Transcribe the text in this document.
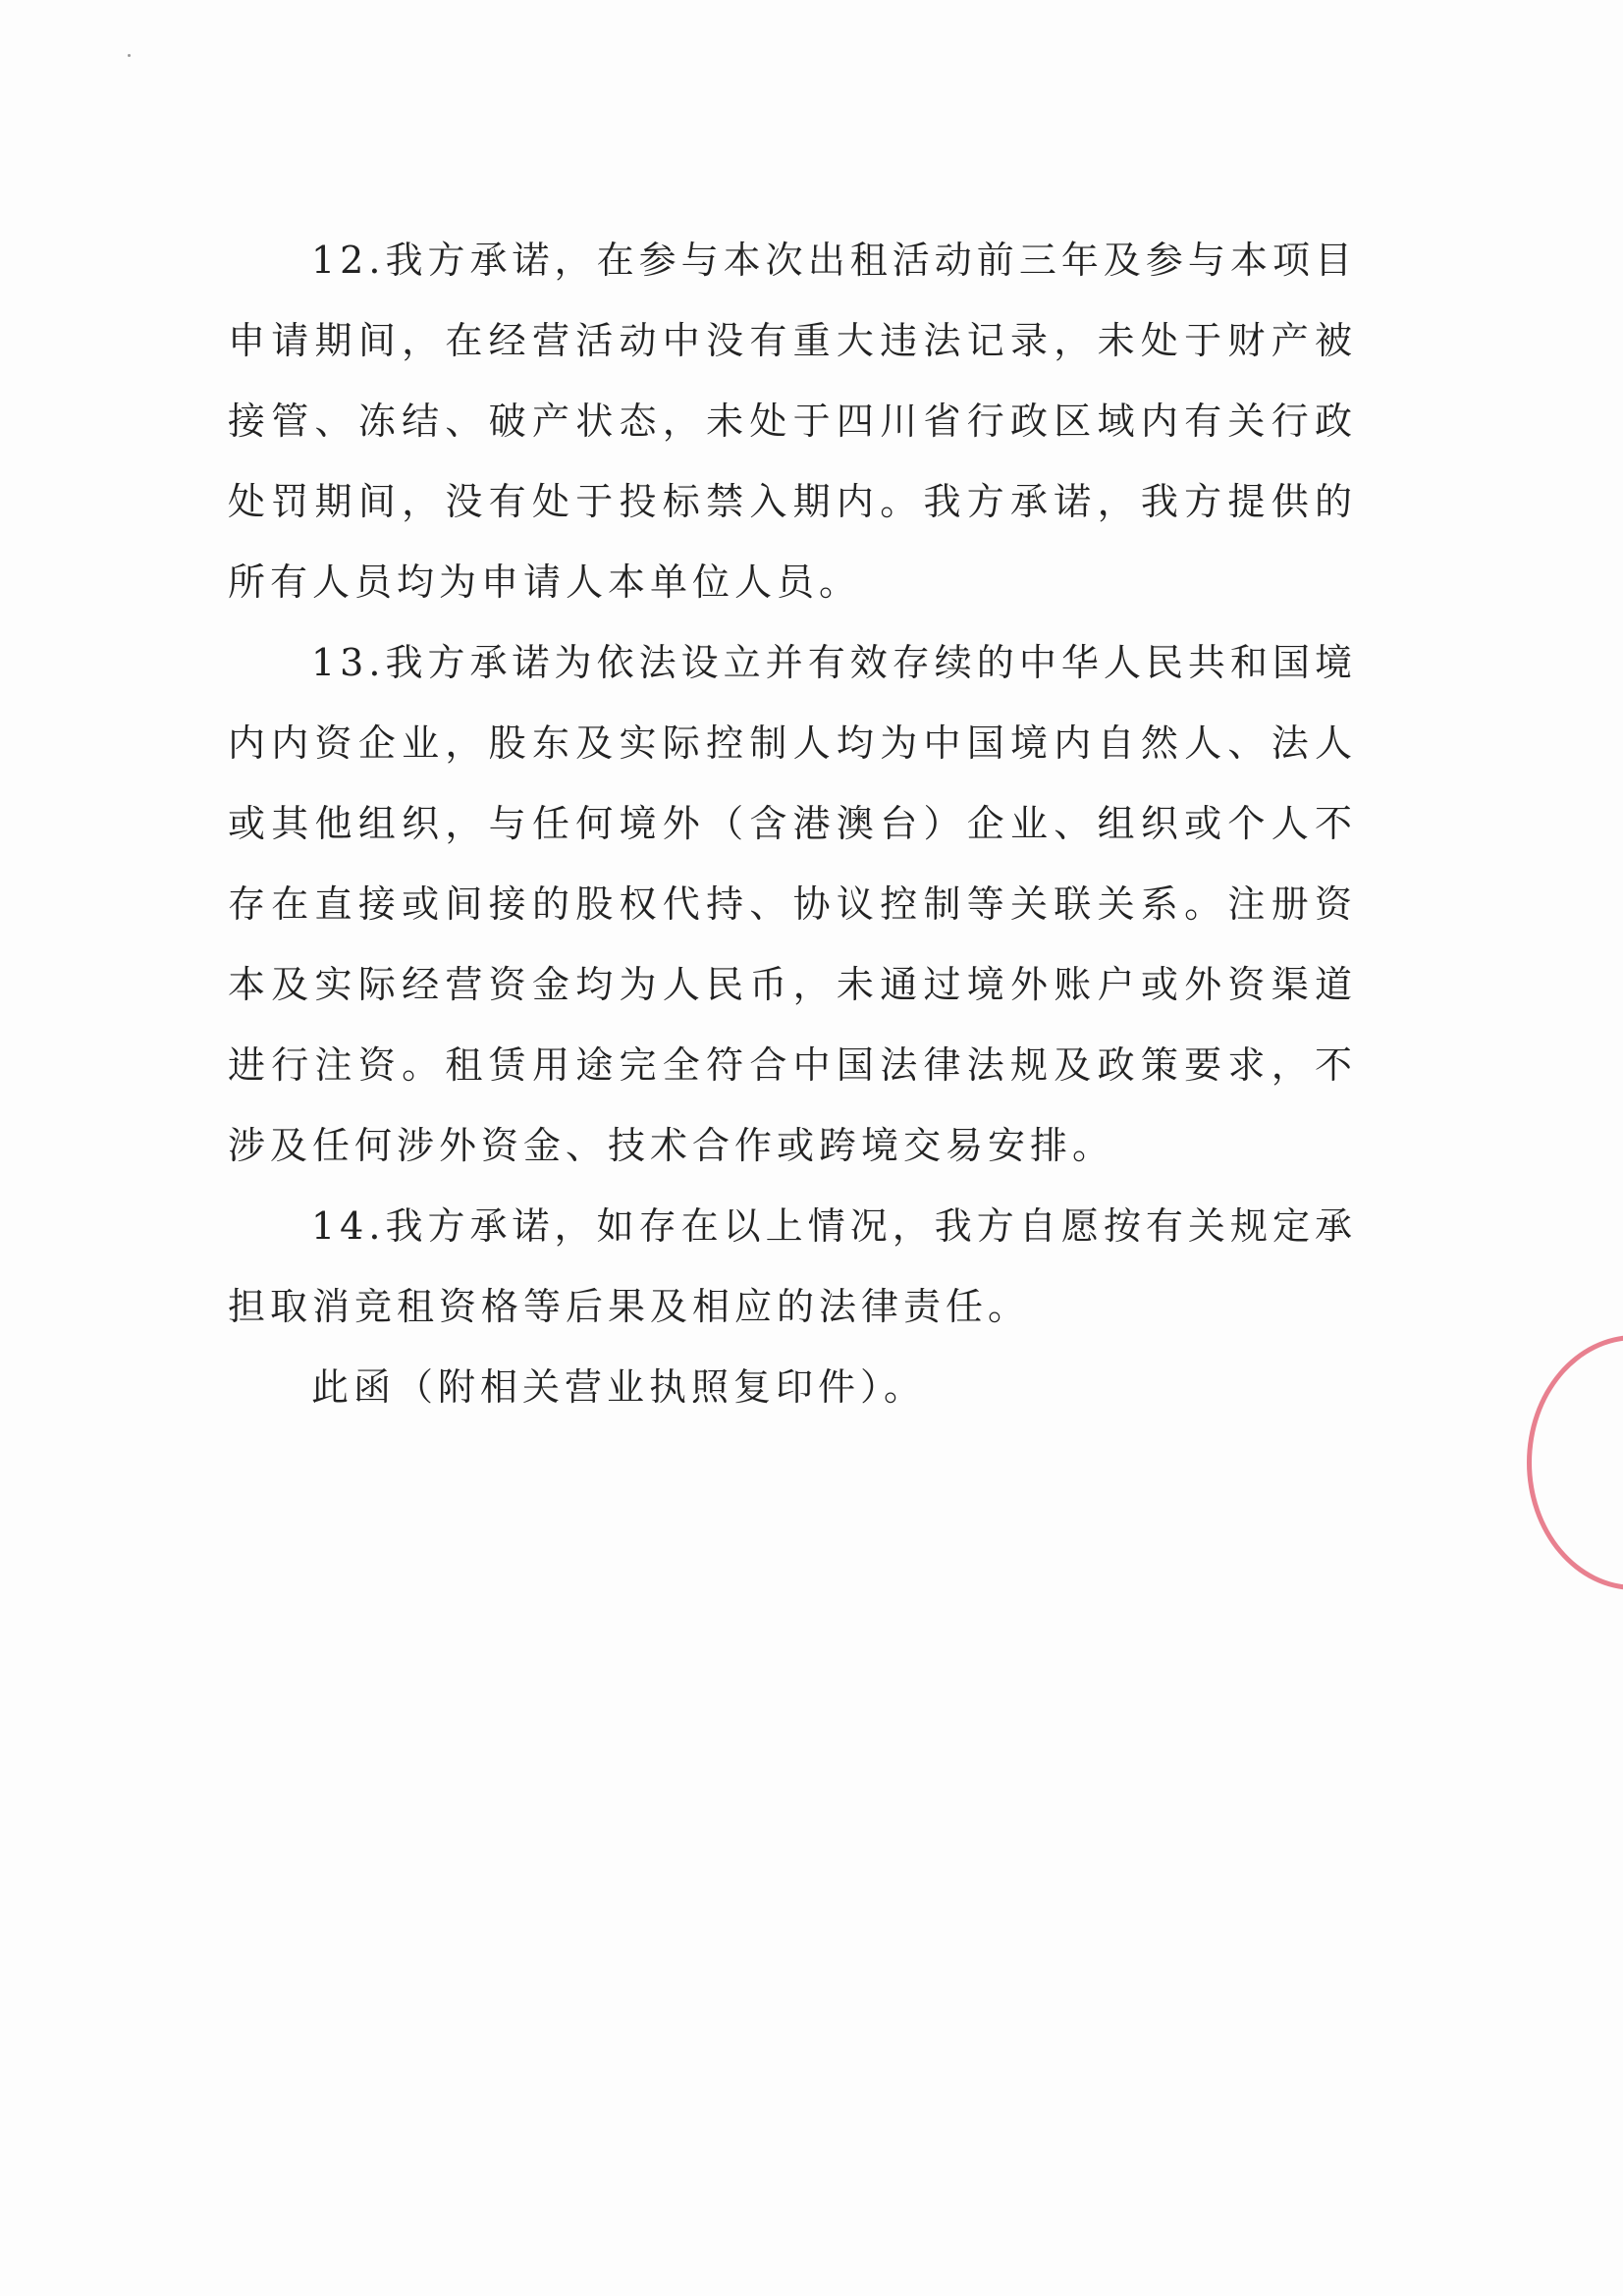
12.我方承诺，在参与本次出租活动前三年及参与本项目申请期间，在经营活动中没有重大违法记录，未处于财产被接管、冻结、破产状态，未处于四川省行政区域内有关行政处罚期间，没有处于投标禁入期内。我方承诺，我方提供的所有人员均为申请人本单位人员。

13.我方承诺为依法设立并有效存续的中华人民共和国境内内资企业，股东及实际控制人均为中国境内自然人、法人或其他组织，与任何境外（含港澳台）企业、组织或个人不存在直接或间接的股权代持、协议控制等关联关系。注册资本及实际经营资金均为人民币，未通过境外账户或外资渠道进行注资。租赁用途完全符合中国法律法规及政策要求，不涉及任何涉外资金、技术合作或跨境交易安排。

14.我方承诺，如存在以上情况，我方自愿按有关规定承担取消竞租资格等后果及相应的法律责任。

此函（附相关营业执照复印件）。
